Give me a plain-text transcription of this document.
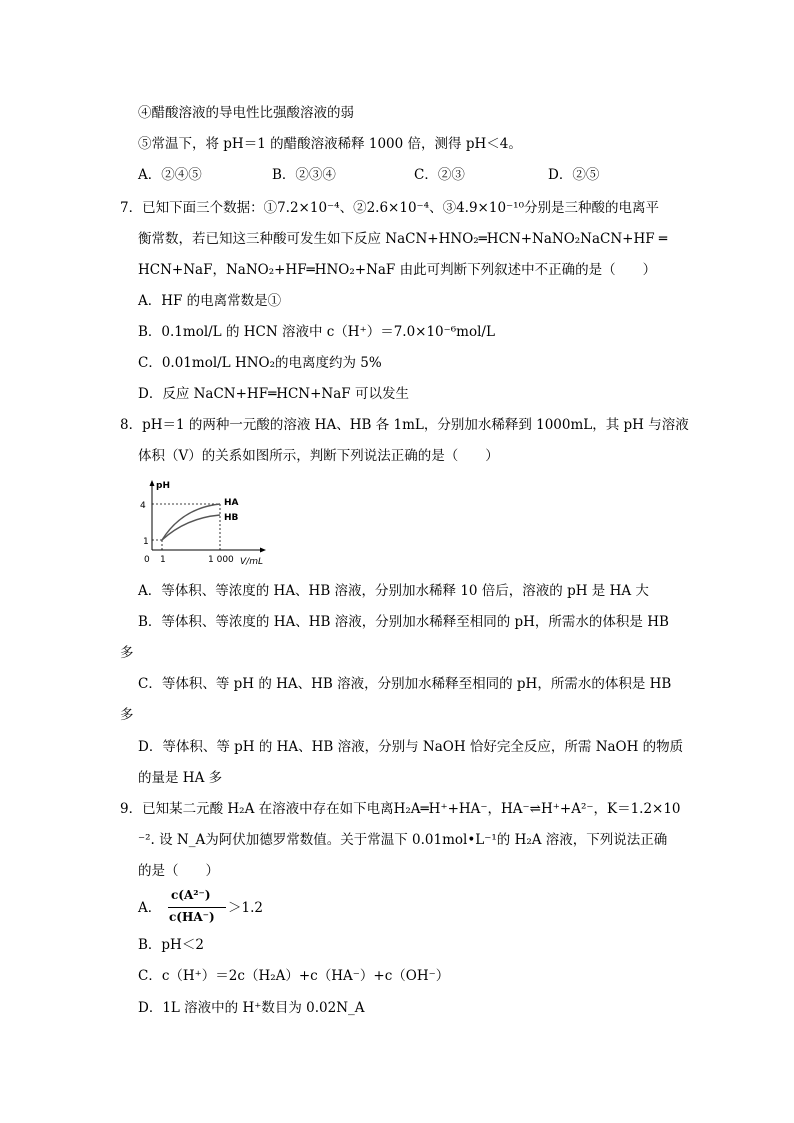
④醋酸溶液的导电性比强酸溶液的弱
⑤常温下，将 pH＝1 的醋酸溶液稀释 1000 倍，测得 pH＜4。
A．②④⑤	B．②③④	C．②③	D．②⑤
7．已知下面三个数据：①7.2×10⁻⁴、②2.6×10⁻⁴、③4.9×10⁻¹⁰分别是三种酸的电离平
衡常数，若已知这三种酸可发生如下反应 NaCN+HNO₂═HCN+NaNO₂NaCN+HF ═
HCN+NaF，NaNO₂+HF═HNO₂+NaF 由此可判断下列叙述中不正确的是（　　）
A．HF 的电离常数是①
B．0.1mol/L 的 HCN 溶液中 c（H⁺）＝7.0×10⁻⁶mol/L
C．0.01mol/L HNO₂的电离度约为 5%
D．反应 NaCN+HF═HCN+NaF 可以发生
8．pH＝1 的两种一元酸的溶液 HA、HB 各 1mL，分别加水稀释到 1000mL，其 pH 与溶液
体积（V）的关系如图所示，判断下列说法正确的是（　　）
pH
4
1
0 1	1 000 V/mL
HA
HB
A．等体积、等浓度的 HA、HB 溶液，分别加水稀释 10 倍后，溶液的 pH 是 HA 大
B．等体积、等浓度的 HA、HB 溶液，分别加水稀释至相同的 pH，所需水的体积是 HB
多
C．等体积、等 pH 的 HA、HB 溶液，分别加水稀释至相同的 pH，所需水的体积是 HB
多
D．等体积、等 pH 的 HA、HB 溶液，分别与 NaOH 恰好完全反应，所需 NaOH 的物质
的量是 HA 多
9．已知某二元酸 H₂A 在溶液中存在如下电离H₂A═H⁺+HA⁻，HA⁻⇌H⁺+A²⁻，K＝1.2×10
⁻². 设 N_A为阿伏加德罗常数值。关于常温下 0.01mol•L⁻¹的 H₂A 溶液，下列说法正确
的是（　　）
A．
c(A²⁻)
c(HA⁻)
＞1.2
B．pH＜2
C．c（H⁺）＝2c（H₂A）+c（HA⁻）+c（OH⁻）
D．1L 溶液中的 H⁺数目为 0.02N_A
